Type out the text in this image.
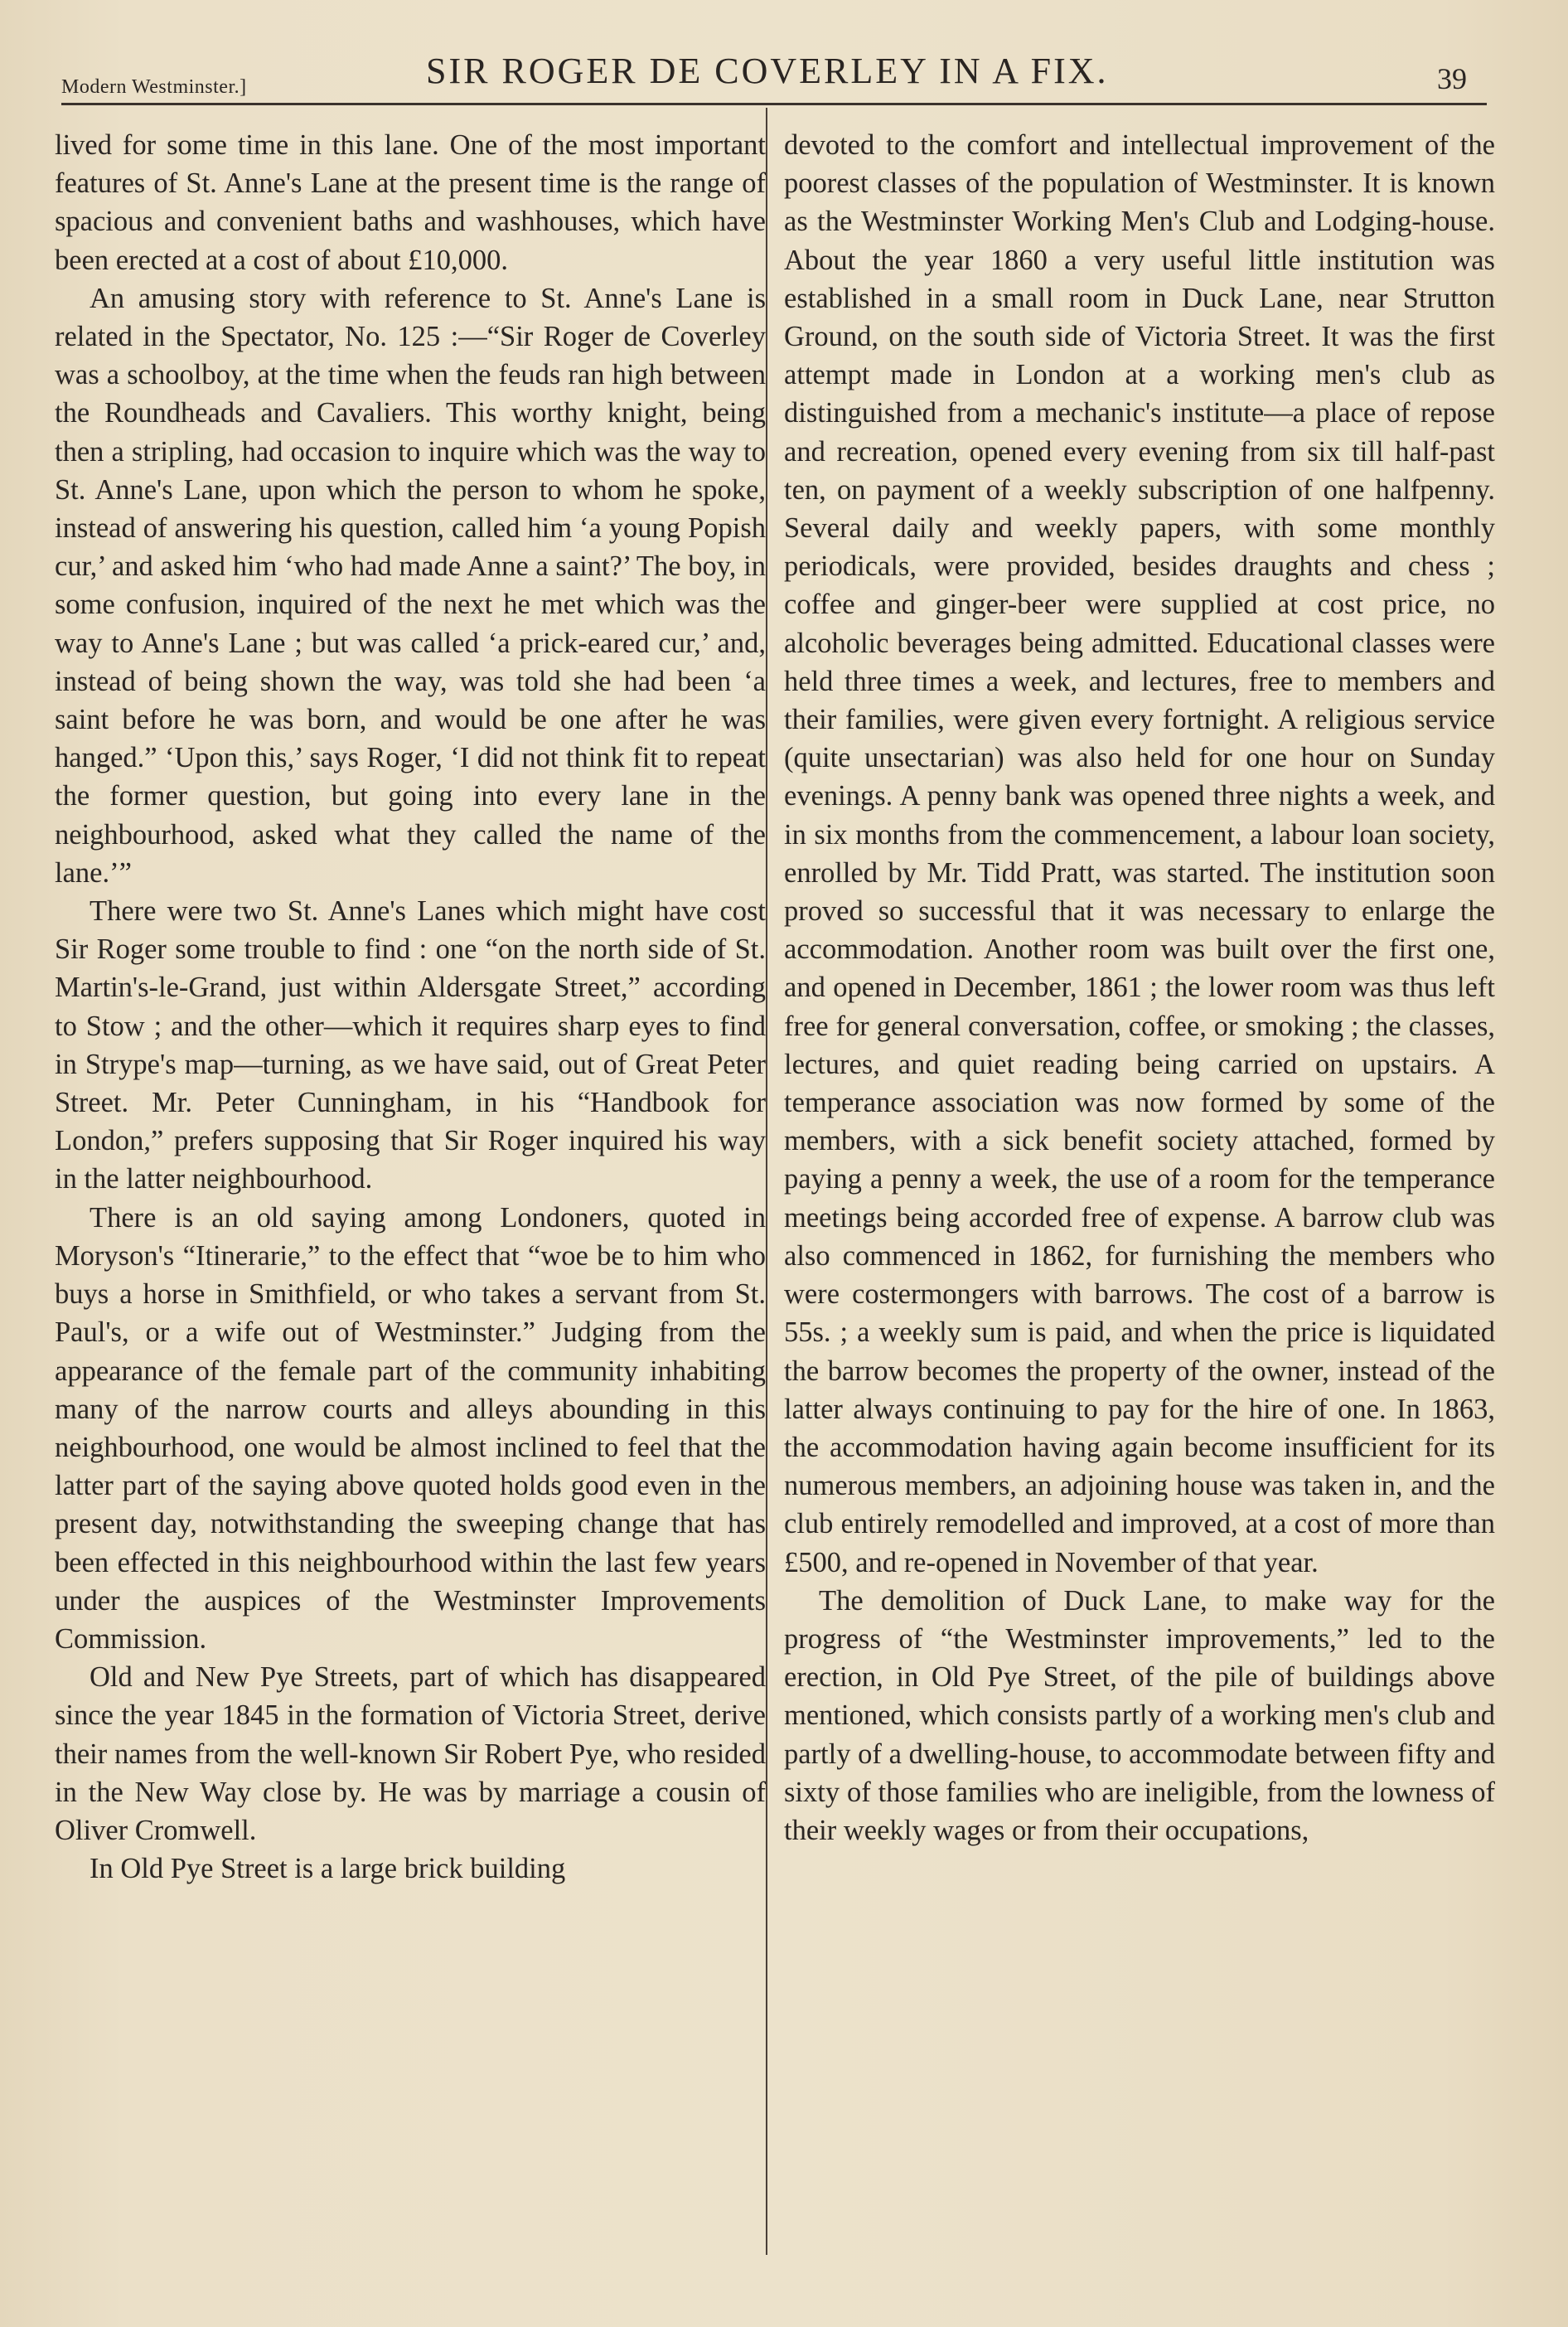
Modern Westminster.]	SIR ROGER DE COVERLEY IN A FIX.	39

lived for some time in this lane. One of the most important features of St. Anne's Lane at the present time is the range of spacious and convenient baths and washhouses, which have been erected at a cost of about £10,000.

An amusing story with reference to St. Anne's Lane is related in the Spectator, No. 125 :—“Sir Roger de Coverley was a schoolboy, at the time when the feuds ran high between the Roundheads and Cavaliers. This worthy knight, being then a stripling, had occasion to inquire which was the way to St. Anne's Lane, upon which the person to whom he spoke, instead of answering his question, called him ‘a young Popish cur,’ and asked him ‘who had made Anne a saint?’ The boy, in some confusion, inquired of the next he met which was the way to Anne's Lane ; but was called ‘a prick-eared cur,’ and, instead of being shown the way, was told she had been ‘a saint before he was born, and would be one after he was hanged.” ‘Upon this,’ says Roger, ‘I did not think fit to repeat the former question, but going into every lane in the neighbourhood, asked what they called the name of the lane.’”

There were two St. Anne's Lanes which might have cost Sir Roger some trouble to find : one “on the north side of St. Martin's-le-Grand, just within Aldersgate Street,” according to Stow ; and the other—which it requires sharp eyes to find in Strype's map—turning, as we have said, out of Great Peter Street. Mr. Peter Cunningham, in his “Handbook for London,” prefers supposing that Sir Roger inquired his way in the latter neighbourhood.

There is an old saying among Londoners, quoted in Moryson's “Itinerarie,” to the effect that “woe be to him who buys a horse in Smithfield, or who takes a servant from St. Paul's, or a wife out of Westminster.” Judging from the appearance of the female part of the community inhabiting many of the narrow courts and alleys abounding in this neighbourhood, one would be almost inclined to feel that the latter part of the saying above quoted holds good even in the present day, notwithstanding the sweeping change that has been effected in this neighbourhood within the last few years under the auspices of the Westminster Improvements Commission.

Old and New Pye Streets, part of which has disappeared since the year 1845 in the formation of Victoria Street, derive their names from the well-known Sir Robert Pye, who resided in the New Way close by. He was by marriage a cousin of Oliver Cromwell.

In Old Pye Street is a large brick building

devoted to the comfort and intellectual improvement of the poorest classes of the population of Westminster. It is known as the Westminster Working Men's Club and Lodging-house. About the year 1860 a very useful little institution was established in a small room in Duck Lane, near Strutton Ground, on the south side of Victoria Street. It was the first attempt made in London at a working men's club as distinguished from a mechanic's institute—a place of repose and recreation, opened every evening from six till half-past ten, on payment of a weekly subscription of one halfpenny. Several daily and weekly papers, with some monthly periodicals, were provided, besides draughts and chess ; coffee and ginger-beer were supplied at cost price, no alcoholic beverages being admitted. Educational classes were held three times a week, and lectures, free to members and their families, were given every fortnight. A religious service (quite unsectarian) was also held for one hour on Sunday evenings. A penny bank was opened three nights a week, and in six months from the commencement, a labour loan society, enrolled by Mr. Tidd Pratt, was started. The institution soon proved so successful that it was necessary to enlarge the accommodation. Another room was built over the first one, and opened in December, 1861 ; the lower room was thus left free for general conversation, coffee, or smoking ; the classes, lectures, and quiet reading being carried on upstairs. A temperance association was now formed by some of the members, with a sick benefit society attached, formed by paying a penny a week, the use of a room for the temperance meetings being accorded free of expense. A barrow club was also commenced in 1862, for furnishing the members who were costermongers with barrows. The cost of a barrow is 55s. ; a weekly sum is paid, and when the price is liquidated the barrow becomes the property of the owner, instead of the latter always continuing to pay for the hire of one. In 1863, the accommodation having again become insufficient for its numerous members, an adjoining house was taken in, and the club entirely remodelled and improved, at a cost of more than £500, and re-opened in November of that year.

The demolition of Duck Lane, to make way for the progress of “the Westminster improvements,” led to the erection, in Old Pye Street, of the pile of buildings above mentioned, which consists partly of a working men's club and partly of a dwelling-house, to accommodate between fifty and sixty of those families who are ineligible, from the lowness of their weekly wages or from their occupations,
